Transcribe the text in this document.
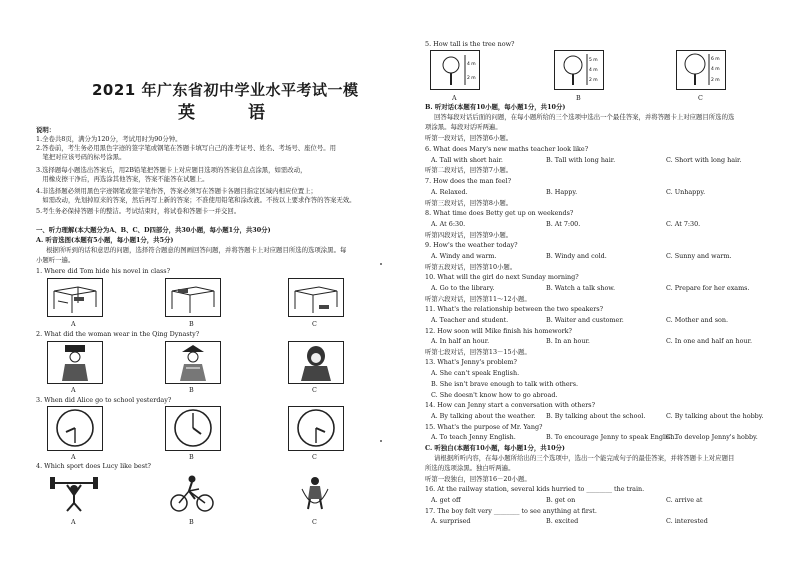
2021 年广东省初中学业水平考试一模
英　语
说明：
1.全卷共8页，满分为120分，考试用时为90分钟。
2.答卷前，考生务必用黑色字迹的签字笔或钢笔在答题卡填写自己的准考证号、姓名、考场号、座位号。用
　笔把对应该号码的标号涂黑。
3.选择题每小题选出答案后，用2B铅笔把答题卡上对应题目选项的答案信息点涂黑，如需改动，
　用橡皮擦干净后，再选涂其他答案，答案不能答在试题上。
4.非选择题必须用黑色字迹钢笔或签字笔作答，答案必须写在答题卡各题目指定区域内相应位置上；
　如需改动，先划掉原来的答案，然后再写上新的答案；不准使用铅笔和涂改液。不按以上要求作答的答案无效。
5.考生务必保持答题卡的整洁。考试结束时，将试卷和答题卡一并交回。
一、听力理解(本大题分为A、B、C、D四部分，共30小题，每小题1分，共30分)
A. 听音选图(本题有5小题，每小题1分，共5分)
根据所听到的话和意思的问题，选择符合题意的图画回答问题，并将答题卡上对应题目所选的选项涂黑。每
小题听一遍。
1. Where did Tom hide his novel in class?
A	B	C
2. What did the woman wear in the Qing Dynasty?
A	B	C
3. When did Alice go to school yesterday?
A	B	C
4. Which sport does Lucy like best?
A	B	C
5. How tall is the tree now?
4 m
2 m
5 m
4 m
2 m
6 m
4 m
2 m
A	B	C
B. 听对话(本题有10小题，每小题1分，共10分)
回答每段对话后面的问题，在每小题所给的三个选项中选出一个最佳答案，并将答题卡上对应题目所选的选
项涂黑。每段对话听两遍。
听第一段对话，回答第6小题。
6. What does Mary's new maths teacher look like?
A. Tall with short hair.	B. Tall with long hair.	C. Short with long hair.
听第二段对话，回答第7小题。
7. How does the man feel?
A. Relaxed.	B. Happy.	C. Unhappy.
听第三段对话，回答第8小题。
8. What time does Betty get up on weekends?
A. At 6:30.	B. At 7:00.	C. At 7:30.
听第四段对话，回答第9小题。
9. How's the weather today?
A. Windy and warm.	B. Windy and cold.	C. Sunny and warm.
听第五段对话，回答第10小题。
10. What will the girl do next Sunday morning?
A. Go to the library.	B. Watch a talk show.	C. Prepare for her exams.
听第六段对话，回答第11～12小题。
11. What's the relationship between the two speakers?
A. Teacher and student.	B. Waiter and customer.	C. Mother and son.
12. How soon will Mike finish his homework?
A. In half an hour.	B. In an hour.	C. In one and half an hour.
听第七段对话，回答第13－15小题。
13. What's Jenny's problem?
A. She can't speak English.
B. She isn't brave enough to talk with others.
C. She doesn't know how to go abroad.
14. How can Jenny start a conversation with others?
A. By talking about the weather. B. By talking about the school.	C. By talking about the hobby.
15. What's the purpose of Mr. Yang?
A. To teach Jenny English.	B. To encourage Jenny to speak English.
C. To develop Jenny's hobby.
C. 听独白(本题有10小题，每小题1分，共10分)
请根据所听内容，在每小题所给出的三个选项中，选出一个能完成句子的最佳答案，并将答题卡上对应题目
所选的选项涂黑。独白听两遍。
听第一段独白，回答第16－20小题。
16. At the railway station, several kids hurried to ________ the train.
A. get off	B. get on	C. arrive at
17. The boy felt very ________ to see anything at first.
A. surprised	B. excited	C. interested
